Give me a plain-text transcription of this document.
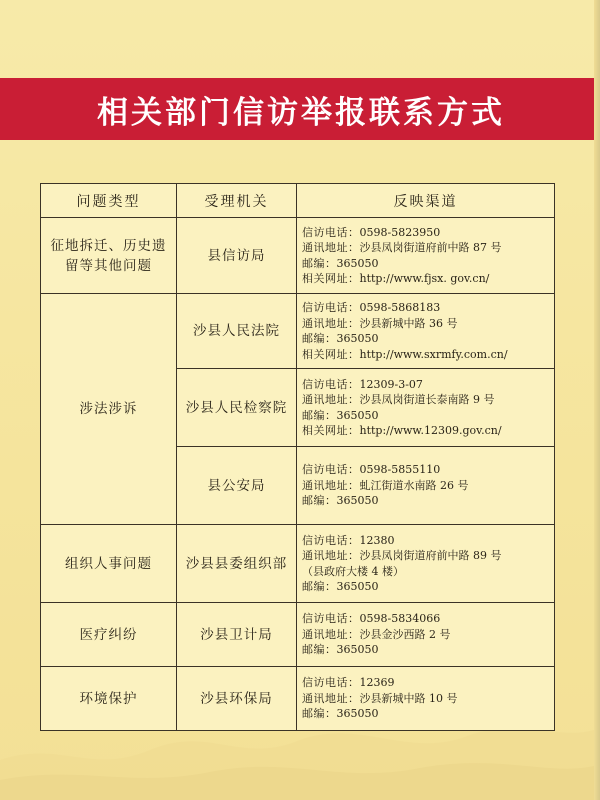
相关部门信访举报联系方式
问题类型	受理机关	反映渠道

征地拆迁、历史遗
留等其他问题	县信访局	信访电话：0598-5823950
通讯地址：沙县凤岗街道府前中路 87 号
邮编：365050
相关网址：http://www.fjsx. gov.cn/

涉法涉诉	沙县人民法院	信访电话：0598-5868183
通讯地址：沙县新城中路 36 号
邮编：365050
相关网址：http://www.sxrmfy.com.cn/

	沙县人民检察院	信访电话：12309-3-07
通讯地址：沙县凤岗街道长泰南路 9 号
邮编：365050
相关网址：http://www.12309.gov.cn/

	县公安局	信访电话：0598-5855110
通讯地址：虬江街道水南路 26 号
邮编：365050

组织人事问题	沙县县委组织部	信访电话：12380
通讯地址：沙县凤岗街道府前中路 89 号
（县政府大楼 4 楼）
邮编：365050

医疗纠纷	沙县卫计局	信访电话：0598-5834066
通讯地址：沙县金沙西路 2 号
邮编：365050

环境保护	沙县环保局	信访电话：12369
通讯地址：沙县新城中路 10 号
邮编：365050
